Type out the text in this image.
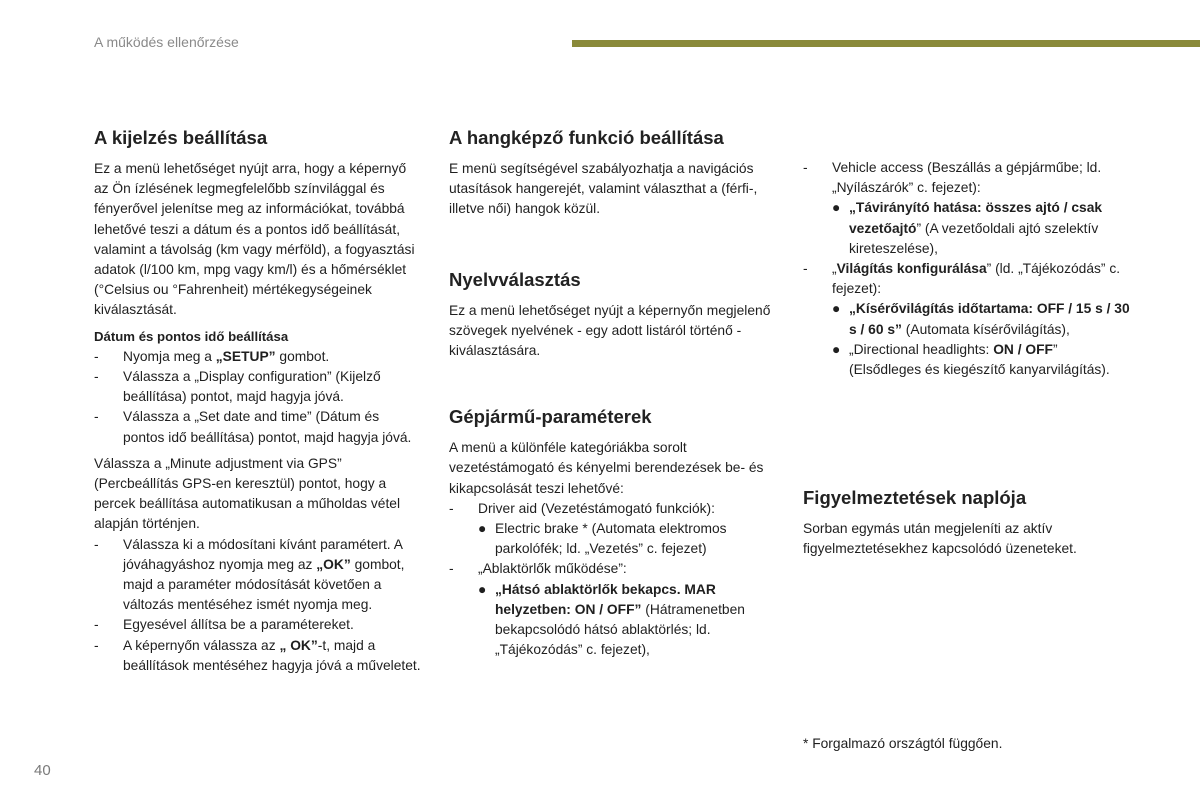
A működés ellenőrzése
A kijelzés beállítása

Ez a menü lehetőséget nyújt arra, hogy a képernyő az Ön ízlésének legmegfelelőbb színvilággal és fényerővel jelenítse meg az információkat, továbbá lehetővé teszi a dátum és a pontos idő beállítását, valamint a távolság (km vagy mérföld), a fogyasztási adatok (l/100 km, mpg vagy km/l) és a hőmérséklet (°Celsius ou °Fahrenheit) mértékegységeinek kiválasztását.

Dátum és pontos idő beállítása

- Nyomja meg a „SETUP” gombot.
- Válassza a „Display configuration” (Kijelző beállítása) pontot, majd hagyja jóvá.
- Válassza a „Set date and time” (Dátum és pontos idő beállítása) pontot, majd hagyja jóvá.

Válassza a „Minute adjustment via GPS” (Percbeállítás GPS-en keresztül) pontot, hogy a percek beállítása automatikusan a műholdas vétel alapján történjen.

- Válassza ki a módosítani kívánt paramétert. A jóváhagyáshoz nyomja meg az „OK” gombot, majd a paraméter módosítását követően a változás mentéséhez ismét nyomja meg.
- Egyesével állítsa be a paramétereket.
- A képernyőn válassza az „ OK”-t, majd a beállítások mentéséhez hagyja jóvá a műveletet.
A hangképző funkció beállítása

E menü segítségével szabályozhatja a navigációs utasítások hangerejét, valamint választhat a (férfi-, illetve női) hangok közül.

Nyelvválasztás

Ez a menü lehetőséget nyújt a képernyőn megjelenő szövegek nyelvének - egy adott listáról történő - kiválasztására.

Gépjármű-paraméterek

A menü a különféle kategóriákba sorolt vezetéstámogató és kényelmi berendezések be- és kikapcsolását teszi lehetővé:

- Driver aid (Vezetéstámogató funkciók):
● Electric brake * (Automata elektromos parkolófék; ld. „Vezetés” c. fejezet)
- „Ablaktörlők működése”:
● „Hátsó ablaktörlők bekapcs. MAR helyzetben: ON / OFF” (Hátramenetben bekapcsolódó hátsó ablaktörlés; ld. „Tájékozódás” c. fejezet),
- Vehicle access (Beszállás a gépjárműbe; ld. „Nyílászárók” c. fejezet):
● „Távirányító hatása: összes ajtó / csak vezetőajtó” (A vezetőoldali ajtó szelektív kireteszelése),
- „Világítás konfigurálása” (ld. „Tájékozódás” c. fejezet):
● „Kísérővilágítás időtartama: OFF / 15 s / 30 s / 60 s” (Automata kísérővilágítás),
● „Directional headlights: ON / OFF” (Elsődleges és kiegészítő kanyarvilágítás).
Figyelmeztetések naplója

Sorban egymás után megjeleníti az aktív figyelmeztetésekhez kapcsolódó üzeneteket.

* Forgalmazó országtól függően.
40
